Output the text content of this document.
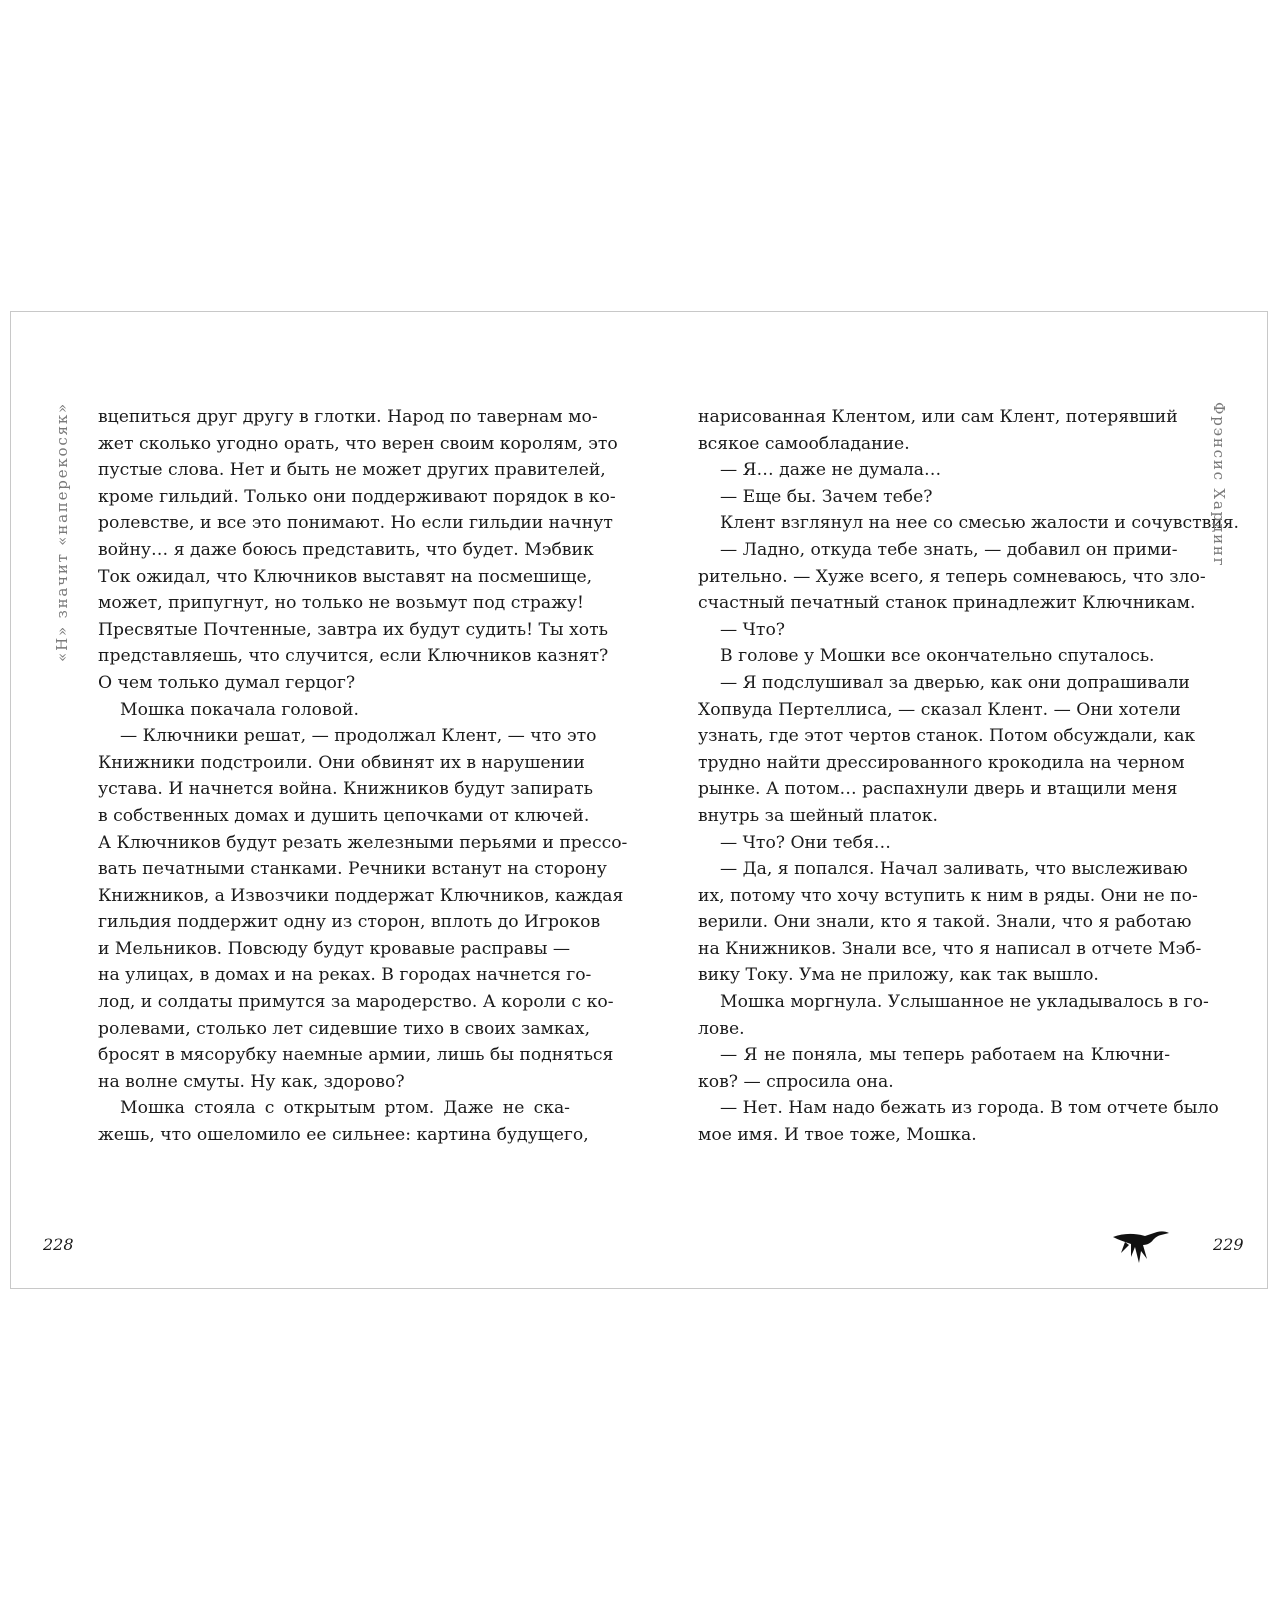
«Н» значит «наперекосяк» вцепиться друг другу в глотки. Народ по тавернам мо-
жет сколько угодно орать, что верен своим королям, это
пустые слова. Нет и быть не может других правителей,
кроме гильдий. Только они поддерживают порядок в ко-
ролевстве, и все это понимают. Но если гильдии начнут
войну… я даже боюсь представить, что будет. Мэбвик
Ток ожидал, что Ключников выставят на посмешище,
может, припугнут, но только не возьмут под стражу!
Пресвятые Почтенные, завтра их будут судить! Ты хоть
представляешь, что случится, если Ключников казнят?
О чем только думал герцог?
Мошка покачала головой.
— Ключники решат, — продолжал Клент, — что это
Книжники подстроили. Они обвинят их в нарушении
устава. И начнется война. Книжников будут запирать
в собственных домах и душить цепочками от ключей.
А Ключников будут резать железными перьями и прессо-
вать печатными станками. Речники встанут на сторону
Книжников, а Извозчики поддержат Ключников, каждая
гильдия поддержит одну из сторон, вплоть до Игроков
и Мельников. Повсюду будут кровавые расправы —
на улицах, в домах и на реках. В городах начнется го-
лод, и солдаты примутся за мародерство. А короли с ко-
ролевами, столько лет сидевшие тихо в своих замках,
бросят в мясорубку наемные армии, лишь бы подняться
на волне смуты. Ну как, здорово?
Мошка стояла с открытым ртом. Даже не ска-
жешь, что ошеломило ее сильнее: картина будущего,
228
нарисованная Клентом, или сам Клент, потерявший
всякое самообладание.
— Я… даже не думала…
— Еще бы. Зачем тебе?
Клент взглянул на нее со смесью жалости и сочувствия.
— Ладно, откуда тебе знать, — добавил он прими-
рительно. — Хуже всего, я теперь сомневаюсь, что зло-
счастный печатный станок принадлежит Ключникам.
— Что?
В голове у Мошки все окончательно спуталось.
— Я подслушивал за дверью, как они допрашивали
Хопвуда Пертеллиса, — сказал Клент. — Они хотели
узнать, где этот чертов станок. Потом обсуждали, как
трудно найти дрессированного крокодила на черном
рынке. А потом… распахнули дверь и втащили меня
внутрь за шейный платок.
— Что? Они тебя…
— Да, я попался. Начал заливать, что выслеживаю
их, потому что хочу вступить к ним в ряды. Они не по-
верили. Они знали, кто я такой. Знали, что я работаю
на Книжников. Знали все, что я написал в отчете Мэб-
вику Току. Ума не приложу, как так вышло.
Мошка моргнула. Услышанное не укладывалось в го-
лове.
— Я не поняла, мы теперь работаем на Ключни-
ков? — спросила она.
— Нет. Нам надо бежать из города. В том отчете было
мое имя. И твое тоже, Мошка.
Фрэнсис Хардинг
229
